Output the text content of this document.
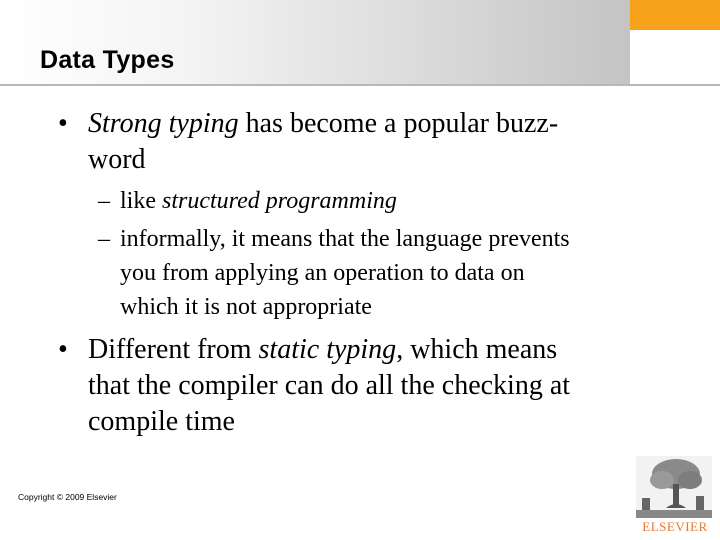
Data Types
• Strong typing has become a popular buzz-
word
– like structured programming
– informally, it means that the language prevents
you from applying an operation to data on
which it is not appropriate
• Different from static typing, which means
that the compiler can do all the checking at
compile time
Copyright © 2009 Elsevier
ELSEVIER
